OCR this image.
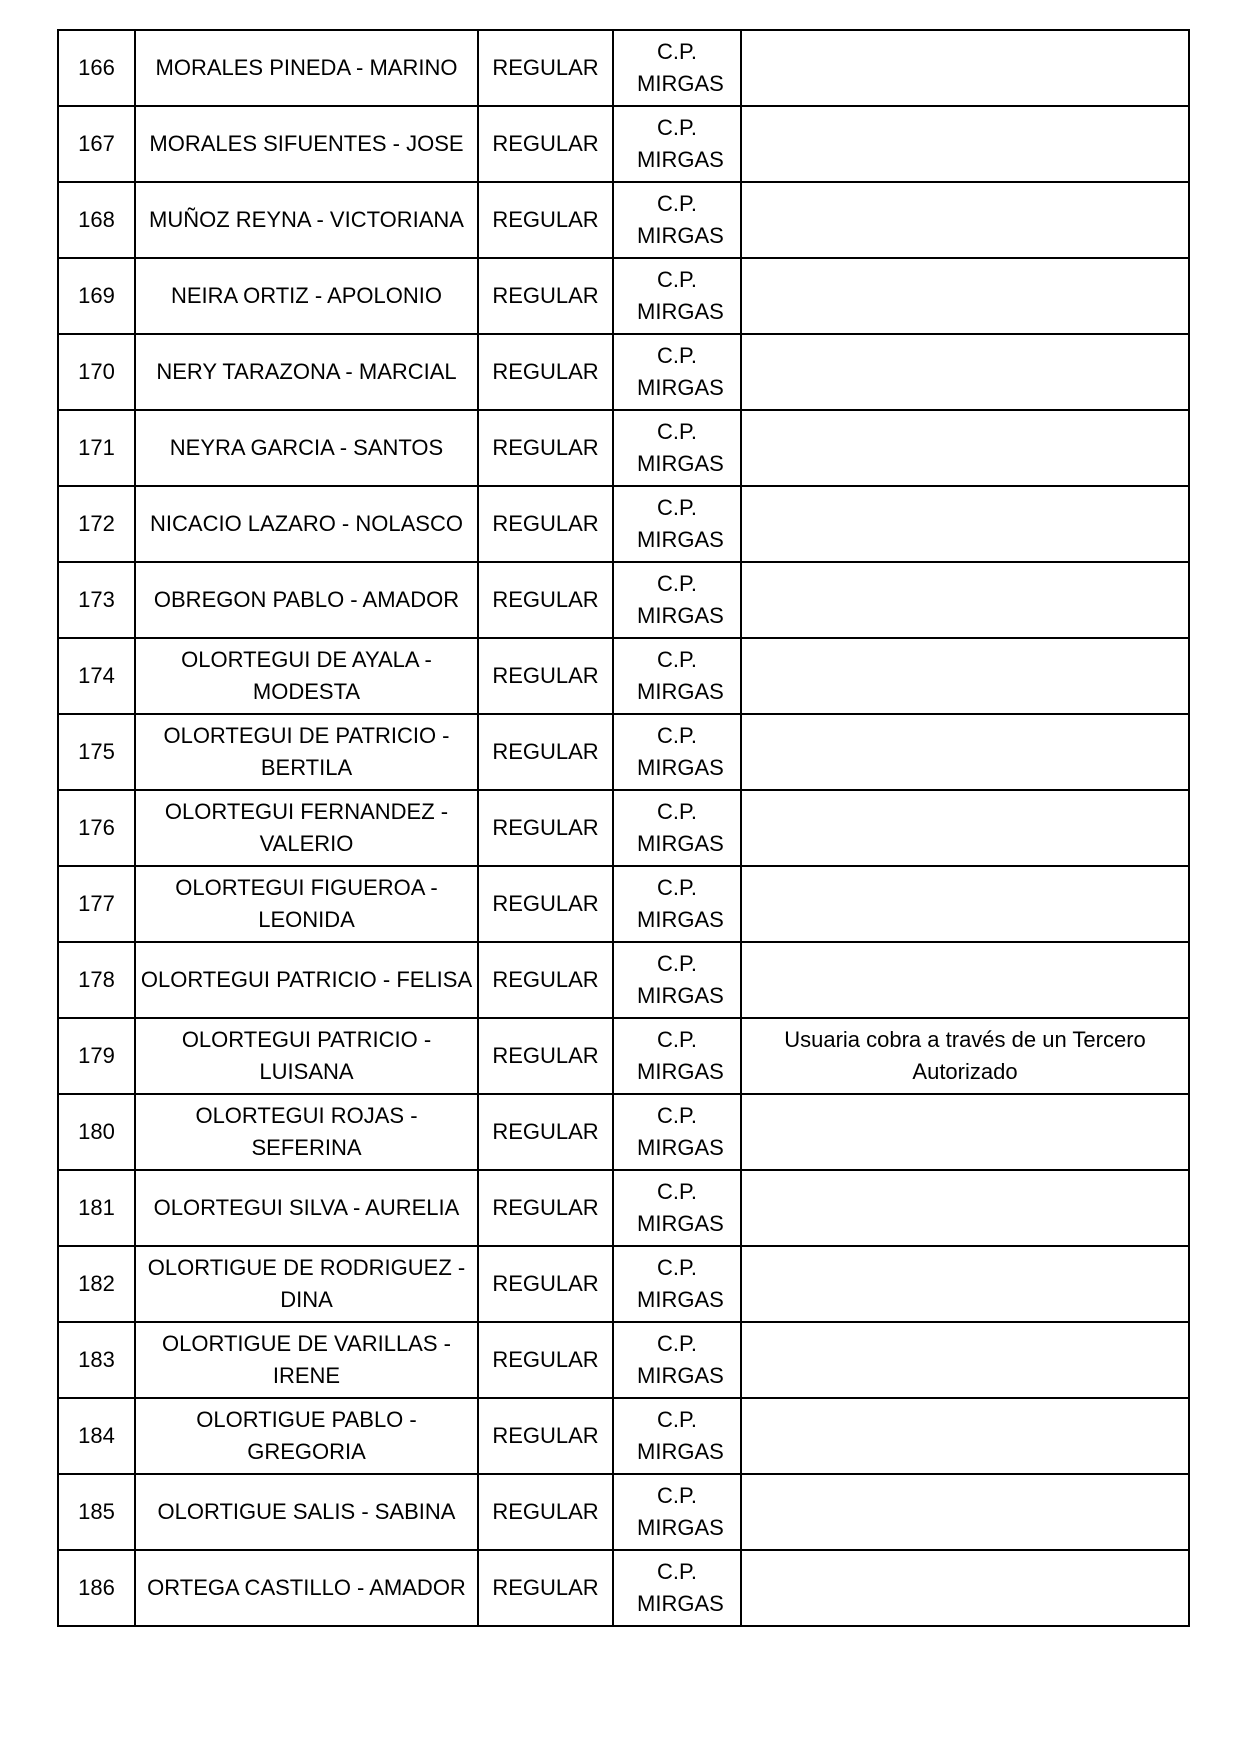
166	MORALES PINEDA - MARINO	REGULAR	C.P. MIRGAS	
167	MORALES SIFUENTES - JOSE	REGULAR	C.P. MIRGAS	
168	MUÑOZ REYNA - VICTORIANA	REGULAR	C.P. MIRGAS	
169	NEIRA ORTIZ - APOLONIO	REGULAR	C.P. MIRGAS	
170	NERY TARAZONA - MARCIAL	REGULAR	C.P. MIRGAS	
171	NEYRA GARCIA - SANTOS	REGULAR	C.P. MIRGAS	
172	NICACIO LAZARO - NOLASCO	REGULAR	C.P. MIRGAS	
173	OBREGON PABLO - AMADOR	REGULAR	C.P. MIRGAS	
174	OLORTEGUI DE AYALA - MODESTA	REGULAR	C.P. MIRGAS	
175	OLORTEGUI DE PATRICIO - BERTILA	REGULAR	C.P. MIRGAS	
176	OLORTEGUI FERNANDEZ - VALERIO	REGULAR	C.P. MIRGAS	
177	OLORTEGUI FIGUEROA - LEONIDA	REGULAR	C.P. MIRGAS	
178	OLORTEGUI PATRICIO - FELISA	REGULAR	C.P. MIRGAS	
179	OLORTEGUI PATRICIO - LUISANA	REGULAR	C.P. MIRGAS	Usuaria cobra a través de un Tercero Autorizado
180	OLORTEGUI ROJAS - SEFERINA	REGULAR	C.P. MIRGAS	
181	OLORTEGUI SILVA - AURELIA	REGULAR	C.P. MIRGAS	
182	OLORTIGUE DE RODRIGUEZ - DINA	REGULAR	C.P. MIRGAS	
183	OLORTIGUE DE VARILLAS - IRENE	REGULAR	C.P. MIRGAS	
184	OLORTIGUE PABLO - GREGORIA	REGULAR	C.P. MIRGAS	
185	OLORTIGUE SALIS - SABINA	REGULAR	C.P. MIRGAS	
186	ORTEGA CASTILLO - AMADOR	REGULAR	C.P. MIRGAS	
